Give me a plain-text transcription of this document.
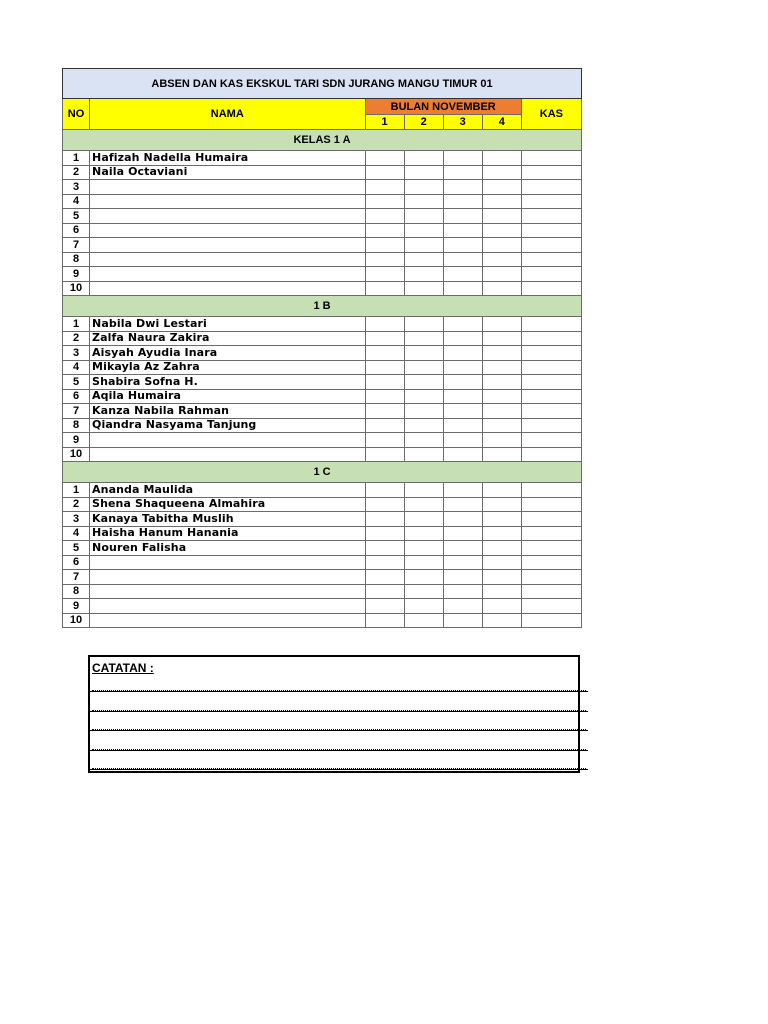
ABSEN DAN KAS EKSKUL TARI SDN JURANG MANGU TIMUR 01						
NO	NAMA	BULAN NOVEMBER				KAS
		1	2	3	4	
KELAS 1 A						
1	Hafizah Nadella Humaira					
2	Naila Octaviani					
3						
4						
5						
6						
7						
8						
9						
10						
1 B						
1	Nabila Dwi Lestari					
2	Zalfa Naura Zakira					
3	Aisyah Ayudia Inara					
4	Mikayla Az Zahra					
5	Shabira Sofna H.					
6	Aqila Humaira					
7	Kanza Nabila Rahman					
8	Qiandra Nasyama Tanjung					
9						
10						
1 C						
1	Ananda Maulida					
2	Shena Shaqueena Almahira					
3	Kanaya Tabitha Muslih					
4	Haisha Hanum Hanania					
5	Nouren Falisha					
6						
7						
8						
9						
10						
CATATAN :
